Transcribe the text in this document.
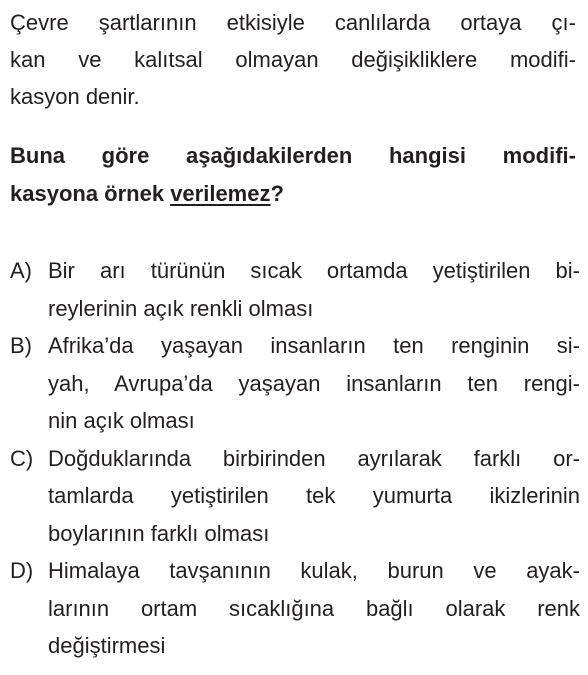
Çevre şartlarının etkisiyle canlılarda ortaya çı-
kan ve kalıtsal olmayan değişikliklere modifi-
kasyon denir.
Buna göre aşağıdakilerden hangisi modifi-
kasyona örnek verilemez?
A) Bir arı türünün sıcak ortamda yetiştirilen bi-
reylerinin açık renkli olması
B) Afrika’da yaşayan insanların ten renginin si-
yah, Avrupa’da yaşayan insanların ten rengi-
nin açık olması
C) Doğduklarında birbirinden ayrılarak farklı or-
tamlarda yetiştirilen tek yumurta ikizlerinin
boylarının farklı olması
D) Himalaya tavşanının kulak, burun ve ayak-
larının ortam sıcaklığına bağlı olarak renk
değiştirmesi
